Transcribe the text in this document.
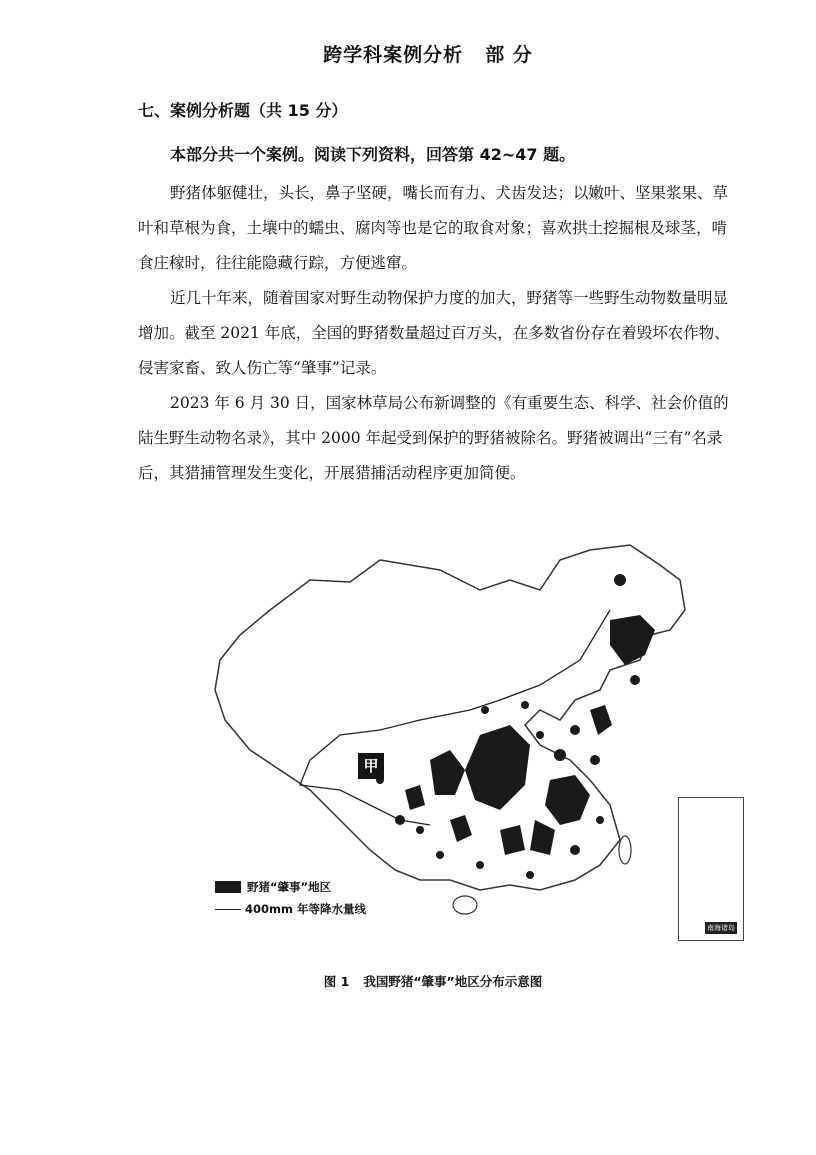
跨学科案例分析 部 分
七、案例分析题（共 15 分）
本部分共一个案例。阅读下列资料，回答第 42~47 题。
野猪体躯健壮，头长，鼻子坚硬，嘴长而有力、犬齿发达；以嫩叶、坚果浆果、草叶和草根为食，土壤中的蠕虫、腐肉等也是它的取食对象；喜欢拱土挖掘根及球茎，啃食庄稼时，往往能隐藏行踪，方便逃窜。
近几十年来，随着国家对野生动物保护力度的加大，野猪等一些野生动物数量明显增加。截至 2021 年底，全国的野猪数量超过百万头，在多数省份存在着毁坏农作物、侵害家畜、致人伤亡等“肇事”记录。
2023 年 6 月 30 日，国家林草局公布新调整的《有重要生态、科学、社会价值的陆生野生动物名录》，其中 2000 年起受到保护的野猪被除名。野猪被调出“三有”名录后，其猎捕管理发生变化，开展猎捕活动程序更加简便。
甲
南海诸岛
野猪“肇事”地区
400mm 年等降水量线
图 1 我国野猪“肇事”地区分布示意图
